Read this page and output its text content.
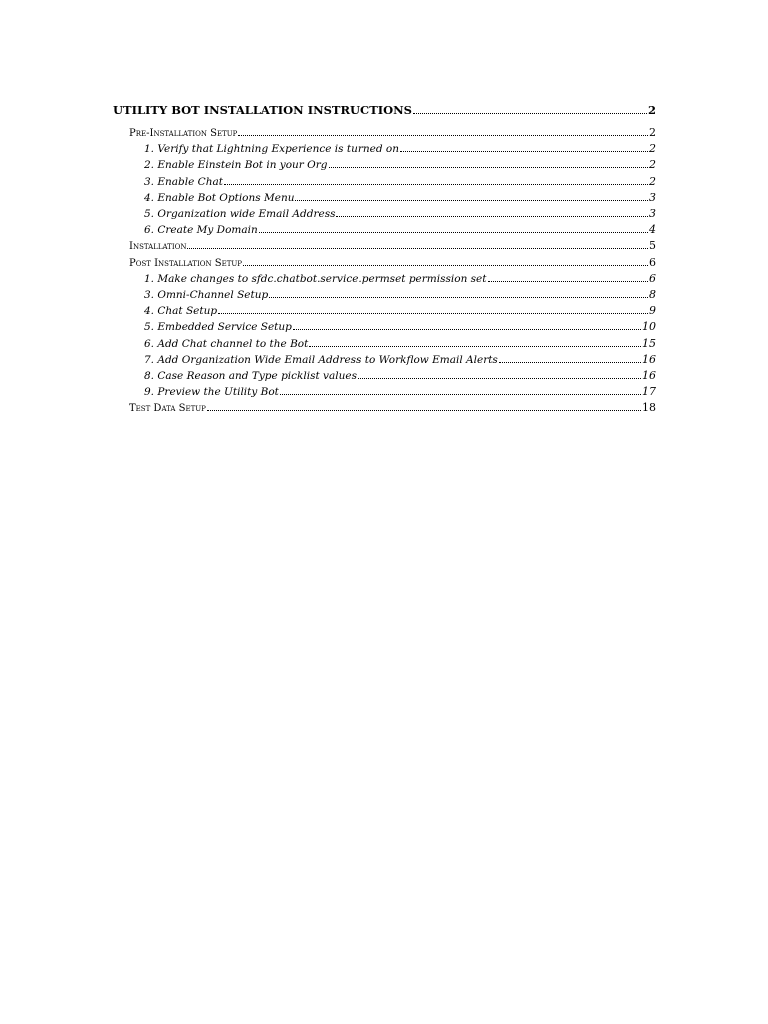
UTILITY BOT INSTALLATION INSTRUCTIONS	2
Pre-Installation Setup	2
1. Verify that Lightning Experience is turned on	2
2. Enable Einstein Bot in your Org	2
3. Enable Chat	2
4. Enable Bot Options Menu	3
5. Organization wide Email Address	3
6. Create My Domain	4
Installation	5
Post Installation Setup	6
1. Make changes to sfdc.chatbot.service.permset permission set	6
3. Omni-Channel Setup	8
4. Chat Setup	9
5. Embedded Service Setup	10
6. Add Chat channel to the Bot	15
7. Add Organization Wide Email Address to Workflow Email Alerts	16
8. Case Reason and Type picklist values	16
9. Preview the Utility Bot	17
Test Data Setup	18
